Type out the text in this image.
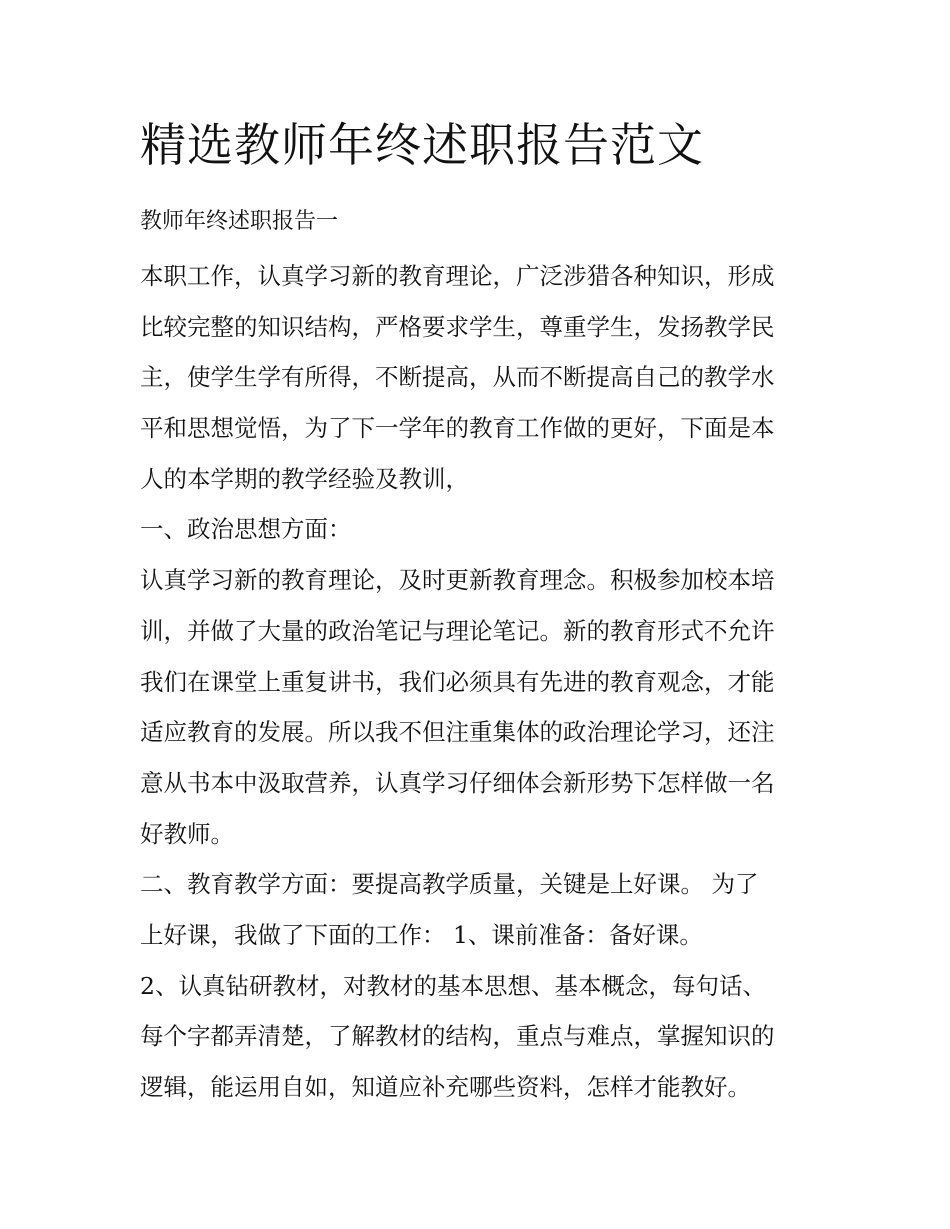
精选教师年终述职报告范文
教师年终述职报告一
本职工作，认真学习新的教育理论，广泛涉猎各种知识，形成
比较完整的知识结构，严格要求学生，尊重学生，发扬教学民
主，使学生学有所得，不断提高，从而不断提高自己的教学水
平和思想觉悟，为了下一学年的教育工作做的更好，下面是本
人的本学期的教学经验及教训，
一、政治思想方面：
认真学习新的教育理论，及时更新教育理念。积极参加校本培
训，并做了大量的政治笔记与理论笔记。新的教育形式不允许
我们在课堂上重复讲书，我们必须具有先进的教育观念，才能
适应教育的发展。所以我不但注重集体的政治理论学习，还注
意从书本中汲取营养，认真学习仔细体会新形势下怎样做一名
好教师。
二、教育教学方面：要提高教学质量，关键是上好课。 为了
上好课，我做了下面的工作： 1、课前准备：备好课。
2、认真钻研教材，对教材的基本思想、基本概念，每句话、
每个字都弄清楚，了解教材的结构，重点与难点，掌握知识的
逻辑，能运用自如，知道应补充哪些资料，怎样才能教好。
